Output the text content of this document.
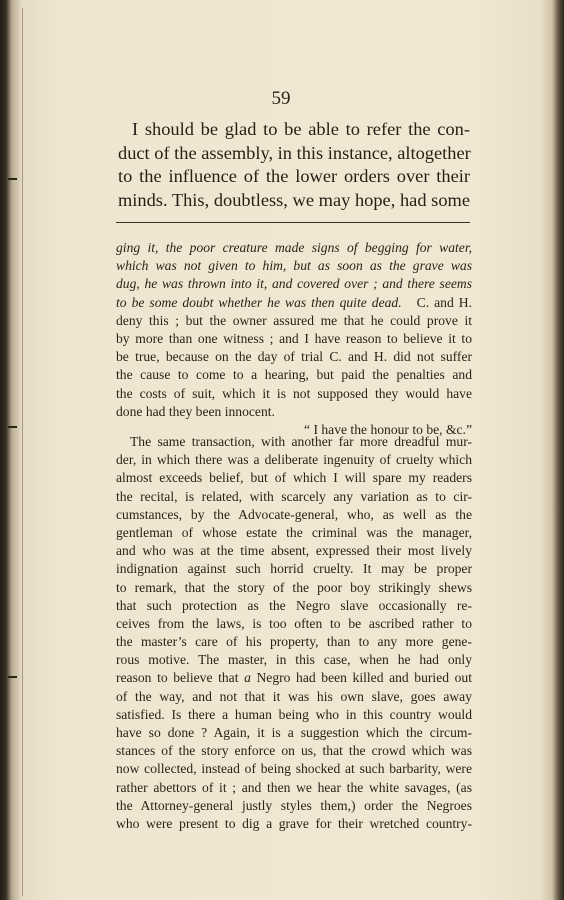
59
I should be glad to be able to refer the con-
duct of the assembly, in this instance, altogether
to the influence of the lower orders over their
minds. This, doubtless, we may hope, had some
ging it, the poor creature made signs of begging for water,
which was not given to him, but as soon as the grave was
dug, he was thrown into it, and covered over ; and there seems
to be some doubt whether he was then quite dead. C. and H.
deny this ; but the owner assured me that he could prove it
by more than one witness ; and I have reason to believe it to
be true, because on the day of trial C. and H. did not suffer
the cause to come to a hearing, but paid the penalties and
the costs of suit, which it is not supposed they would have
done had they been innocent.
“ I have the honour to be, &c.”
The same transaction, with another far more dreadful mur-
der, in which there was a deliberate ingenuity of cruelty which
almost exceeds belief, but of which I will spare my readers
the recital, is related, with scarcely any variation as to cir-
cumstances, by the Advocate-general, who, as well as the
gentleman of whose estate the criminal was the manager,
and who was at the time absent, expressed their most lively
indignation against such horrid cruelty. It may be proper
to remark, that the story of the poor boy strikingly shews
that such protection as the Negro slave occasionally re-
ceives from the laws, is too often to be ascribed rather to
the master’s care of his property, than to any more gene-
rous motive. The master, in this case, when he had only
reason to believe that a Negro had been killed and buried out
of the way, and not that it was his own slave, goes away
satisfied. Is there a human being who in this country would
have so done ? Again, it is a suggestion which the circum-
stances of the story enforce on us, that the crowd which was
now collected, instead of being shocked at such barbarity, were
rather abettors of it ; and then we hear the white savages, (as
the Attorney-general justly styles them,) order the Negroes
who were present to dig a grave for their wretched country-
